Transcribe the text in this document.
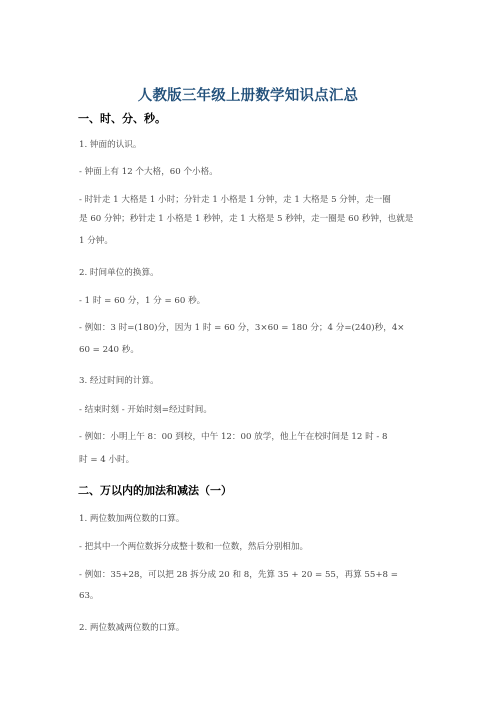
人教版三年级上册数学知识点汇总
一、时、分、秒。
1. 钟面的认识。
- 钟面上有 12 个大格，60 个小格。
- 时针走 1 大格是 1 小时；分针走 1 小格是 1 分钟，走 1 大格是 5 分钟，走一圈
是 60 分钟；秒针走 1 小格是 1 秒钟，走 1 大格是 5 秒钟，走一圈是 60 秒钟，也就是
1 分钟。
2. 时间单位的换算。
- 1 时 = 60 分，1 分 = 60 秒。
- 例如：3 时=(180)分，因为 1 时 = 60 分，3×60 = 180 分；4 分=(240)秒，4×
60 = 240 秒。
3. 经过时间的计算。
- 结束时刻 - 开始时刻=经过时间。
- 例如：小明上午 8：00 到校，中午 12：00 放学，他上午在校时间是 12 时 - 8
时 = 4 小时。
二、万以内的加法和减法（一）
1. 两位数加两位数的口算。
- 把其中一个两位数拆分成整十数和一位数，然后分别相加。
- 例如：35+28，可以把 28 拆分成 20 和 8，先算 35 + 20 = 55，再算 55+8 =
63。
2. 两位数减两位数的口算。
